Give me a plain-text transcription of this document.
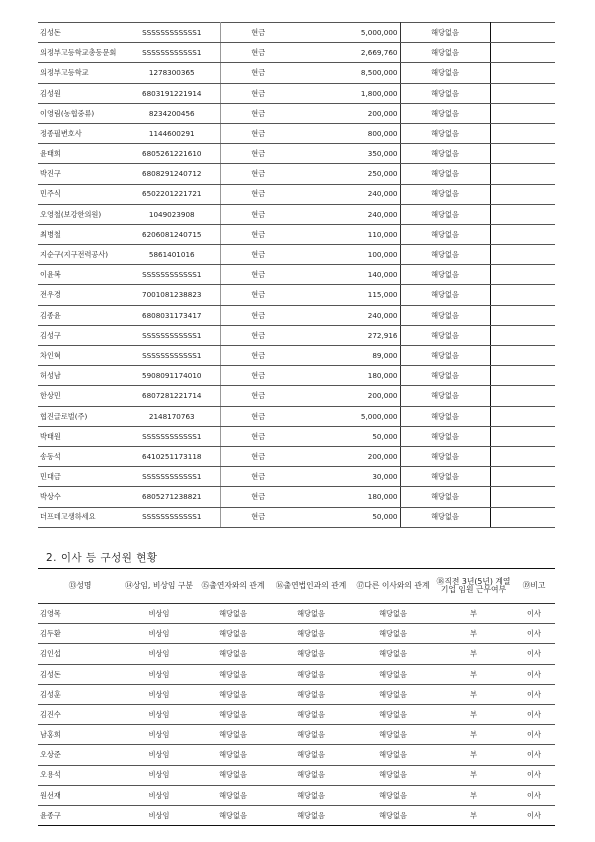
김성돈	SSSSSSSSSSSS1	현금	5,000,000	해당없음	
의정부고등학교총동문회	SSSSSSSSSSSS1	현금	2,669,760	해당없음	
의정부고등학교	1278300365	현금	8,500,000	해당없음	
김성원	6803191221914	현금	1,800,000	해당없음	
이영림(농협중류)	8234200456	현금	200,000	해당없음	
정종필변호사	1144600291	현금	800,000	해당없음	
윤태희	6805261221610	현금	350,000	해당없음	
박진구	6808291240712	현금	250,000	해당없음	
민주식	6502201221721	현금	240,000	해당없음	
오영철(보강한의원)	1049023908	현금	240,000	해당없음	
최병철	6206081240715	현금	110,000	해당없음	
지순구(지구전력공사)	5861401016	현금	100,000	해당없음	
이윤복	SSSSSSSSSSSS1	현금	140,000	해당없음	
전우경	7001081238823	현금	115,000	해당없음	
김종윤	6808031173417	현금	240,000	해당없음	
김성구	SSSSSSSSSSSS1	현금	272,916	해당없음	
차인혁	SSSSSSSSSSSS1	현금	89,000	해당없음	
허성남	5908091174010	현금	180,000	해당없음	
한상민	6807281221714	현금	200,000	해당없음	
협진글로벌(주)	2148170763	현금	5,000,000	해당없음	
박태원	SSSSSSSSSSSS1	현금	50,000	해당없음	
송동석	6410251173118	현금	200,000	해당없음	
민대금	SSSSSSSSSSSS1	현금	30,000	해당없음	
박상수	6805271238821	현금	180,000	해당없음	
더프데고생하세요	SSSSSSSSSSSS1	현금	50,000	해당없음	
2. 이사 등 구성원 현황
⑬성명	⑭상임, 비상임 구분	⑮출연자와의 관계	⑯출연법인과의 관계	⑰다른 이사와의 관계	⑱직전 3년(5년) 계열기업 임원 근무여부	⑲비고
김영목	비상임	해당없음	해당없음	해당없음	부	이사
김두환	비상임	해당없음	해당없음	해당없음	부	이사
김인섭	비상임	해당없음	해당없음	해당없음	부	이사
김성돈	비상임	해당없음	해당없음	해당없음	부	이사
김성훈	비상임	해당없음	해당없음	해당없음	부	이사
김진수	비상임	해당없음	해당없음	해당없음	부	이사
남홍희	비상임	해당없음	해당없음	해당없음	부	이사
오상준	비상임	해당없음	해당없음	해당없음	부	이사
오용석	비상임	해당없음	해당없음	해당없음	부	이사
원선재	비상임	해당없음	해당없음	해당없음	부	이사
윤종구	비상임	해당없음	해당없음	해당없음	부	이사
